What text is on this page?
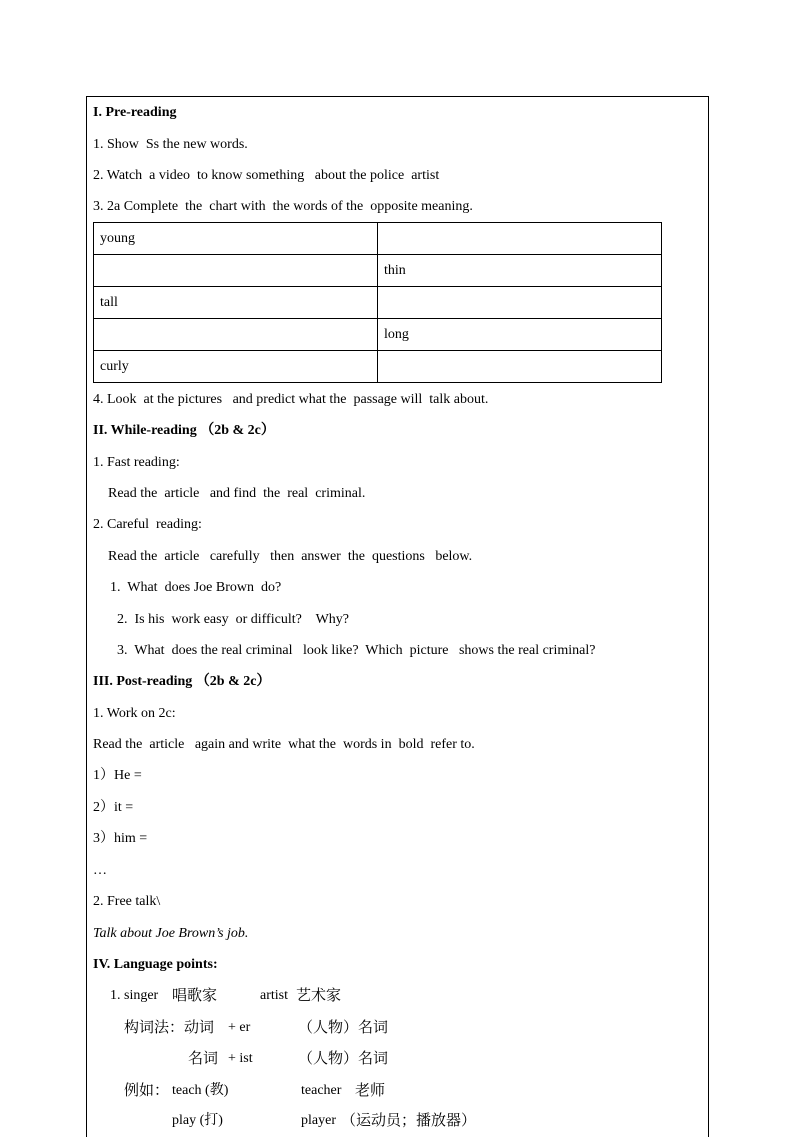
I. Pre-reading
1. Show  Ss the new words.
2. Watch  a video  to know something   about the police  artist
3. 2a Complete  the  chart with  the words of the  opposite meaning.
young	
	thin
tall	
	long
curly	
4. Look  at the pictures   and predict what the  passage will  talk about.
II. While-reading （2b & 2c）
1. Fast reading:
Read the  article   and find  the  real  criminal.
2. Careful  reading:
Read the  article   carefully   then  answer  the  questions   below.
1.  What  does Joe Brown  do?
2.  Is his  work easy  or difficult?    Why?
3.  What  does the real criminal   look like?  Which  picture   shows the real criminal?
III. Post-reading （2b & 2c）
1. Work on 2c:
Read the  article   again and write  what the  words in  bold  refer to.
1）He =
2）it =
3）him =
…
2. Free talk\
Talk about Joe Brown’s job.
IV. Language points:
1. singer 唱歌家	artist 艺术家
构词法：动词 + er	（人物）名词
名词 + ist	（人物）名词
例如： teach (教)	teacher 老师
play (打)	player （运动员；播放器）
